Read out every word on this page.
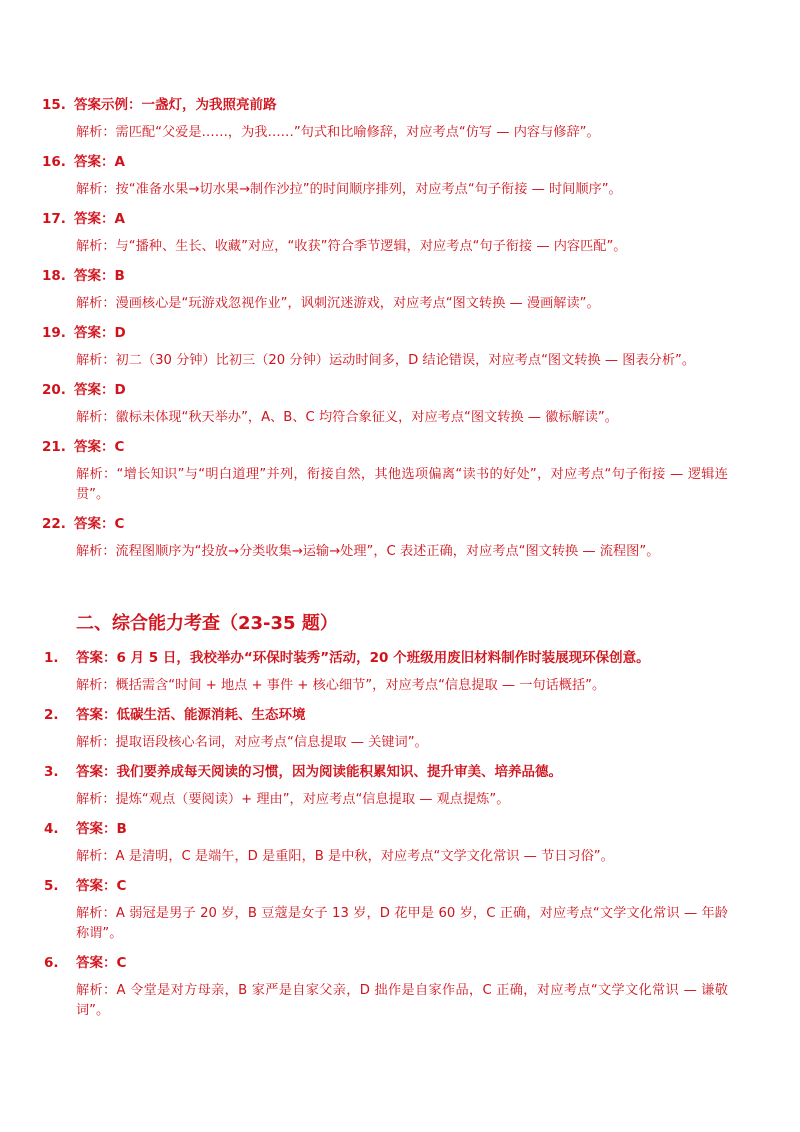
15. 答案示例：一盏灯，为我照亮前路

解析：需匹配“父爱是……，为我……”句式和比喻修辞，对应考点“仿写 — 内容与修辞”。

16. 答案：A

解析：按“准备水果→切水果→制作沙拉”的时间顺序排列，对应考点“句子衔接 — 时间顺序”。

17. 答案：A

解析：与“播种、生长、收藏”对应，“收获”符合季节逻辑，对应考点“句子衔接 — 内容匹配”。

18. 答案：B

解析：漫画核心是“玩游戏忽视作业”，讽刺沉迷游戏，对应考点“图文转换 — 漫画解读”。

19. 答案：D

解析：初二（30 分钟）比初三（20 分钟）运动时间多，D 结论错误，对应考点“图文转换 — 图表分析”。

20. 答案：D

解析：徽标未体现“秋天举办”，A、B、C 均符合象征义，对应考点“图文转换 — 徽标解读”。

21. 答案：C

解析：“增长知识”与“明白道理”并列，衔接自然，其他选项偏离“读书的好处”，对应考点“句子衔接 — 逻辑连贯”。

22. 答案：C

解析：流程图顺序为“投放→分类收集→运输→处理”，C 表述正确，对应考点“图文转换 — 流程图”。

二、综合能力考查（23-35 题）

1.	答案：6 月 5 日，我校举办“环保时装秀”活动，20 个班级用废旧材料制作时装展现环保创意。

解析：概括需含“时间 + 地点 + 事件 + 核心细节”，对应考点“信息提取 — 一句话概括”。

2.	答案：低碳生活、能源消耗、生态环境

解析：提取语段核心名词，对应考点“信息提取 — 关键词”。

3.	答案：我们要养成每天阅读的习惯，因为阅读能积累知识、提升审美、培养品德。

解析：提炼“观点（要阅读）+ 理由”，对应考点“信息提取 — 观点提炼”。

4.	答案：B

解析：A 是清明，C 是端午，D 是重阳，B 是中秋，对应考点“文学文化常识 — 节日习俗”。

5.	答案：C

解析：A 弱冠是男子 20 岁，B 豆蔻是女子 13 岁，D 花甲是 60 岁，C 正确，对应考点“文学文化常识 — 年龄称谓”。

6.	答案：C

解析：A 令堂是对方母亲，B 家严是自家父亲，D 拙作是自家作品，C 正确，对应考点“文学文化常识 — 谦敬词”。
